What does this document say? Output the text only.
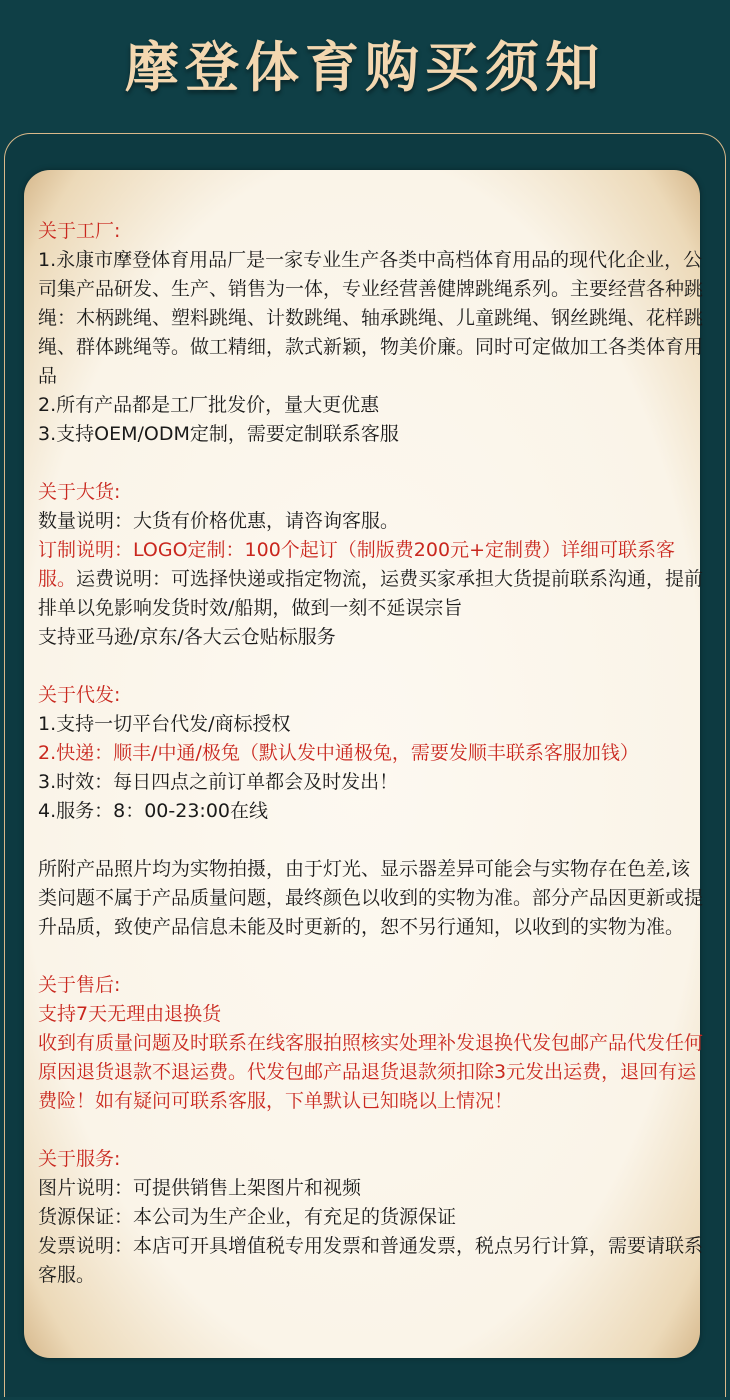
摩登体育购买须知

关于工厂:

1.永康市摩登体育用品厂是一家专业生产各类中高档体育用品的现代化企业，公司集产品研发、生产、销售为一体，专业经营善健牌跳绳系列。主要经营各种跳绳：木柄跳绳、塑料跳绳、计数跳绳、轴承跳绳、儿童跳绳、钢丝跳绳、花样跳绳、群体跳绳等。做工精细，款式新颖，物美价廉。同时可定做加工各类体育用品

2.所有产品都是工厂批发价，量大更优惠

3.支持OEM/ODM定制，需要定制联系客服

关于大货:

数量说明：大货有价格优惠，请咨询客服。

订制说明：LOGO定制：100个起订（制版费200元+定制费）详细可联系客服。运费说明：可选择快递或指定物流，运费买家承担大货提前联系沟通，提前排单以免影响发货时效/船期，做到一刻不延误宗旨

支持亚马逊/京东/各大云仓贴标服务

关于代发:

1.支持一切平台代发/商标授权

2.快递：顺丰/中通/极兔（默认发中通极兔，需要发顺丰联系客服加钱）

3.时效：每日四点之前订单都会及时发出！

4.服务：8：00-23:00在线

所附产品照片均为实物拍摄，由于灯光、显示器差异可能会与实物存在色差,该类问题不属于产品质量问题，最终颜色以收到的实物为准。部分产品因更新或提升品质，致使产品信息未能及时更新的，恕不另行通知，以收到的实物为准。

关于售后:

支持7天无理由退换货

收到有质量问题及时联系在线客服拍照核实处理补发退换代发包邮产品代发任何原因退货退款不退运费。代发包邮产品退货退款须扣除3元发出运费，退回有运费险！如有疑问可联系客服，下单默认已知晓以上情况！

关于服务:

图片说明：可提供销售上架图片和视频

货源保证：本公司为生产企业，有充足的货源保证

发票说明：本店可开具增值税专用发票和普通发票，税点另行计算，需要请联系客服。
